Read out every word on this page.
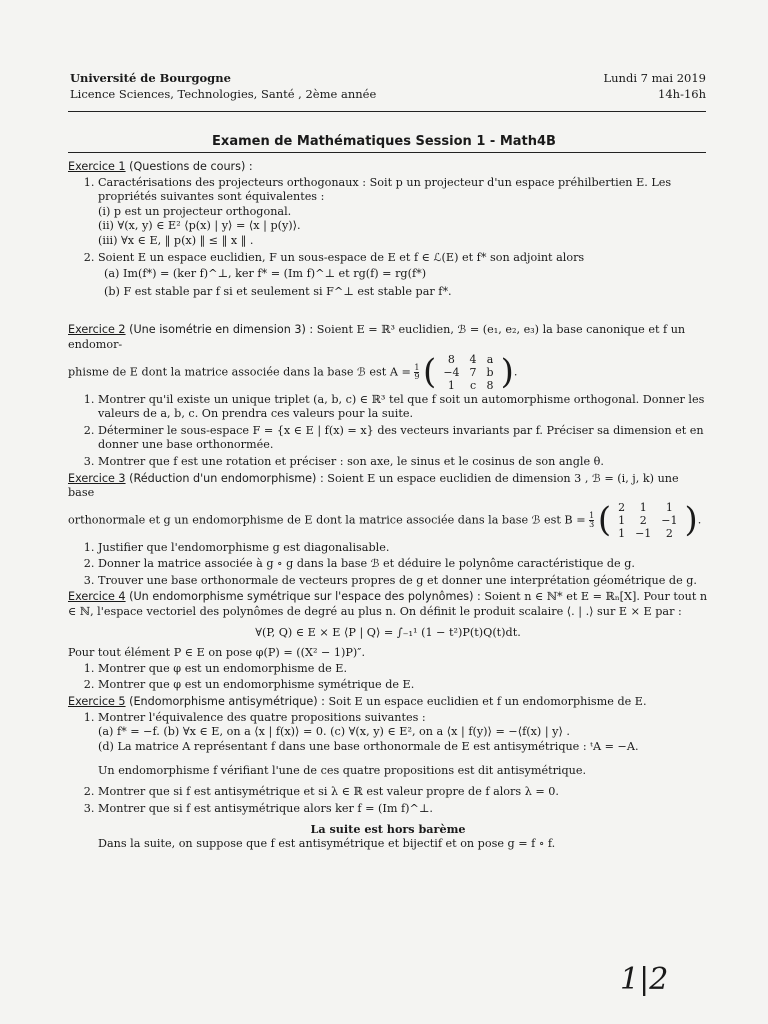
Université de Bourgogne
Licence Sciences, Technologies, Santé , 2ème année
Lundi 7 mai 2019
14h-16h
Examen de Mathématiques Session 1 - Math4B
Exercice 1 (Questions de cours) :
1. Caractérisations des projecteurs orthogonaux : Soit p un projecteur d'un espace préhilbertien E. Les propriétés suivantes sont équivalentes :
(i) p est un projecteur orthogonal.
(ii) ∀(x, y) ∈ E² ⟨p(x) | y⟩ = ⟨x | p(y)⟩.
(iii) ∀x ∈ E, ‖ p(x) ‖ ≤ ‖ x ‖ .
2. Soient E un espace euclidien, F un sous-espace de E et f ∈ ℒ(E) et f* son adjoint alors
(a) Im(f*) = (ker f)^⊥, ker f* = (Im f)^⊥ et rg(f) = rg(f*)
(b) F est stable par f si et seulement si F^⊥ est stable par f*.
Exercice 2 (Une isométrie en dimension 3) : Soient E = ℝ³ euclidien, ℬ = (e₁, e₂, e₃) la base canonique et f un endomor-
phisme de E dont la matrice associée dans la base ℬ est $A = \frac{1}{9}$
( 8	4	a
−4	7	b
1	c	8 ) .
1. Montrer qu'il existe un unique triplet (a, b, c) ∈ ℝ³ tel que f soit un automorphisme orthogonal. Donner les valeurs de a, b, c. On prendra ces valeurs pour la suite.
2. Déterminer le sous-espace F = {x ∈ E | f(x) = x} des vecteurs invariants par f. Préciser sa dimension et en donner une base orthonormée.
3. Montrer que f est une rotation et préciser : son axe, le sinus et le cosinus de son angle θ.
Exercice 3 (Réduction d'un endomorphisme) : Soient E un espace euclidien de dimension 3 , ℬ = (i, j, k) une base
orthonormale et g un endomorphisme de E dont la matrice associée dans la base ℬ est $B = \frac{1}{3}$
( 2	1	1
1	2	−1
1	−1	2 ) .
1. Justifier que l'endomorphisme g est diagonalisable.
2. Donner la matrice associée à g ∘ g dans la base ℬ et déduire le polynôme caractéristique de g.
3. Trouver une base orthonormale de vecteurs propres de g et donner une interprétation géométrique de g.
Exercice 4 (Un endomorphisme symétrique sur l'espace des polynômes) : Soient n ∈ ℕ* et E = ℝₙ[X]. Pour tout n ∈ ℕ, l'espace vectoriel des polynômes de degré au plus n. On définit le produit scalaire ⟨. | .⟩ sur E × E par :
∀(P, Q) ∈ E × E ⟨P | Q⟩ = ∫₋₁¹ (1 − t²)P(t)Q(t)dt.
Pour tout élément P ∈ E on pose φ(P) = ((X² − 1)P)″.
1. Montrer que φ est un endomorphisme de E.
2. Montrer que φ est un endomorphisme symétrique de E.
Exercice 5 (Endomorphisme antisymétrique) : Soit E un espace euclidien et f un endomorphisme de E.
1. Montrer l'équivalence des quatre propositions suivantes :
(a) f* = −f. (b) ∀x ∈ E, on a ⟨x | f(x)⟩ = 0. (c) ∀(x, y) ∈ E², on a ⟨x | f(y)⟩ = −⟨f(x) | y⟩ .
(d) La matrice A représentant f dans une base orthonormale de E est antisymétrique : ᵗA = −A.
Un endomorphisme f vérifiant l'une de ces quatre propositions est dit antisymétrique.
2. Montrer que si f est antisymétrique et si λ ∈ ℝ est valeur propre de f alors λ = 0.
3. Montrer que si f est antisymétrique alors ker f = (Im f)^⊥.
La suite est hors barème
Dans la suite, on suppose que f est antisymétrique et bijectif et on pose g = f ∘ f.
1|2
